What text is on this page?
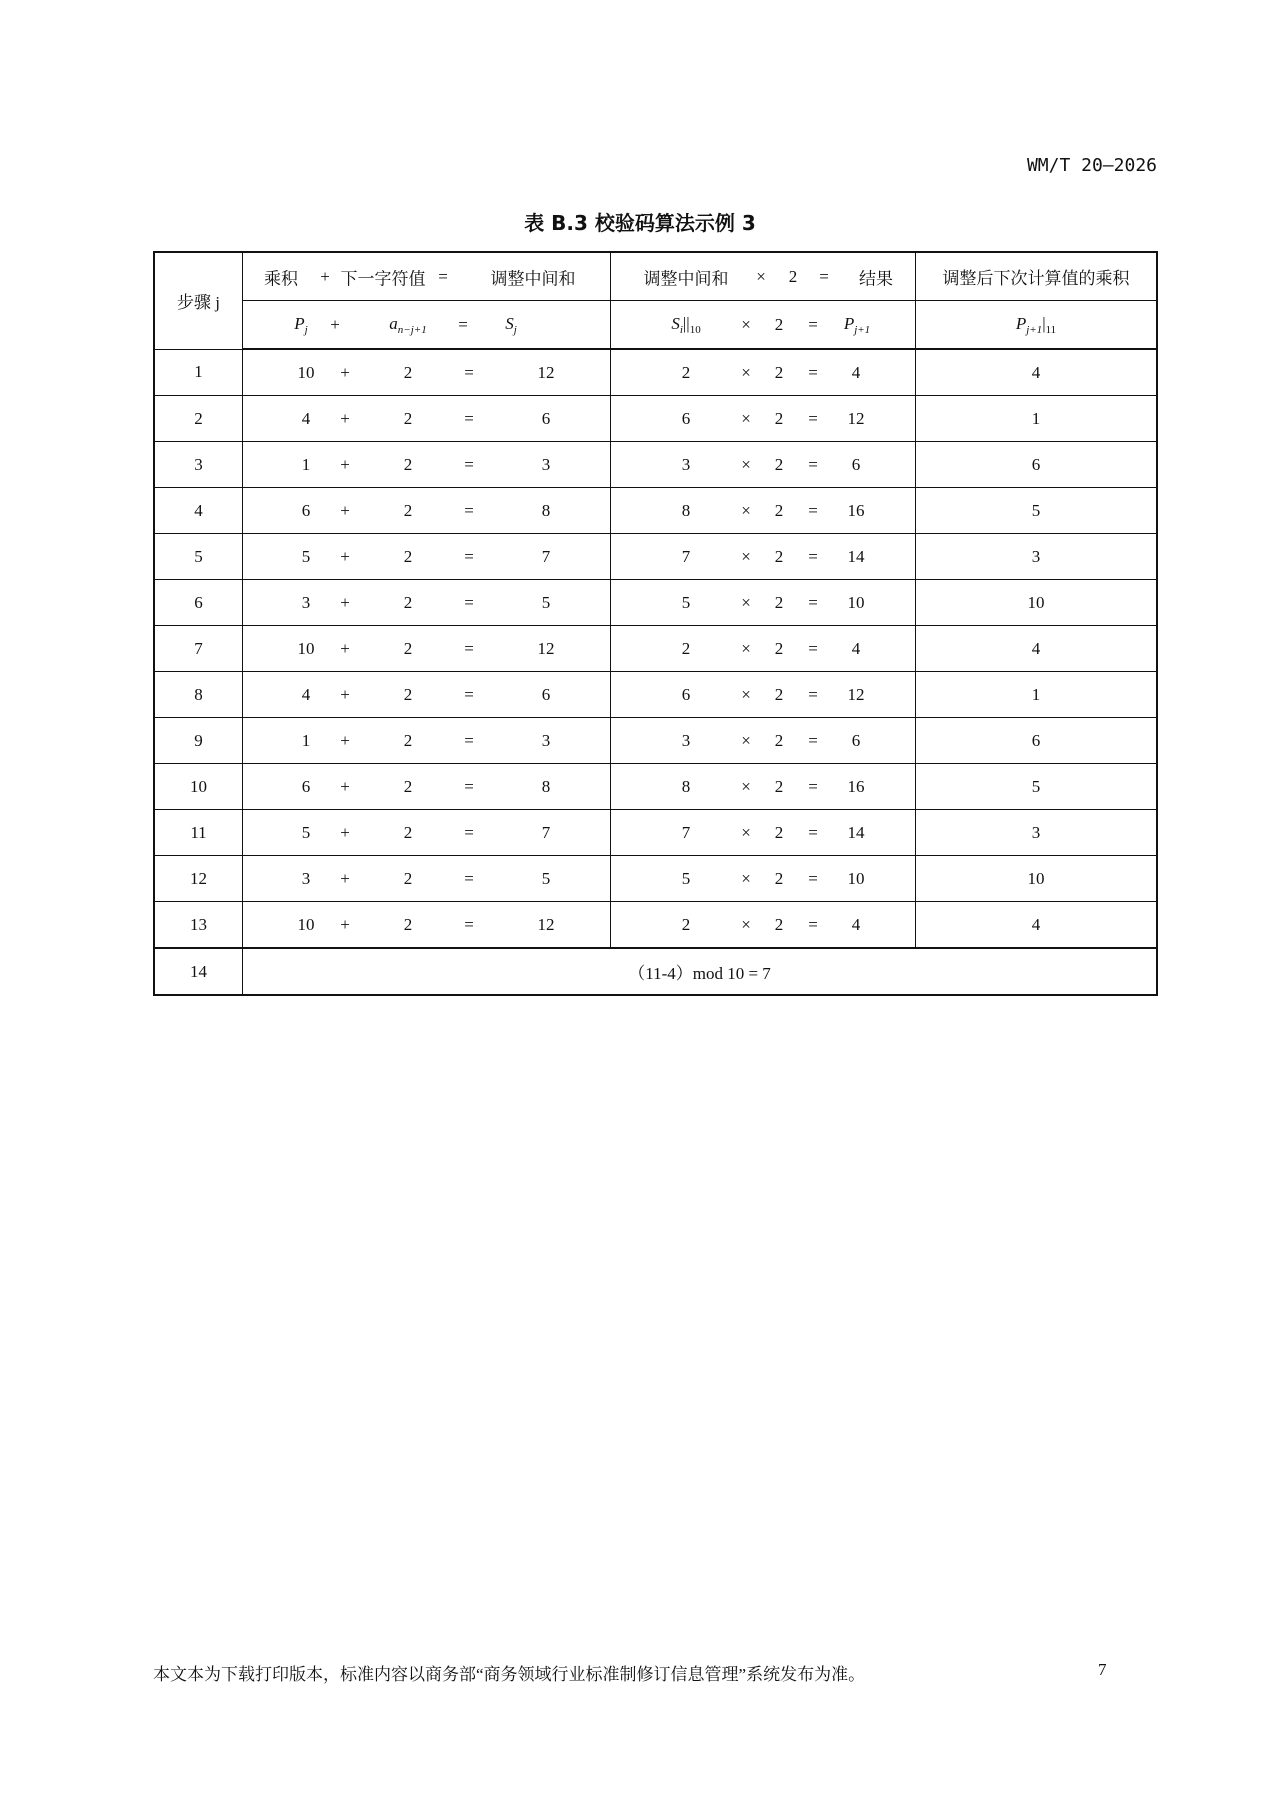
WM/T 20—2026
表 B.3 校验码算法示例 3
步骤 j	乘积 + 下一字符值 = 调整中间和	调整中间和 × 2 = 结果	调整后下次计算值的乘积

	$P_j + a_{n-j+1} = S_j$	$S_i||_{10} \times 2 = P_{j+1}$	$P_{j+1}|_{11}$

1	10 + 2 = 12	2 × 2 = 4	4
2	4 + 2 = 6	6 × 2 = 12	1
3	1 + 2 = 3	3 × 2 = 6	6
4	6 + 2 = 8	8 × 2 = 16	5
5	5 + 2 = 7	7 × 2 = 14	3
6	3 + 2 = 5	5 × 2 = 10	10
7	10 + 2 = 12	2 × 2 = 4	4
8	4 + 2 = 6	6 × 2 = 12	1
9	1 + 2 = 3	3 × 2 = 6	6
10	6 + 2 = 8	8 × 2 = 16	5
11	5 + 2 = 7	7 × 2 = 14	3
12	3 + 2 = 5	5 × 2 = 10	10
13	10 + 2 = 12	2 × 2 = 4	4
14	（11-4）mod 10 = 7		
本文本为下载打印版本，标准内容以商务部“商务领域行业标准制修订信息管理”系统发布为准。	7
